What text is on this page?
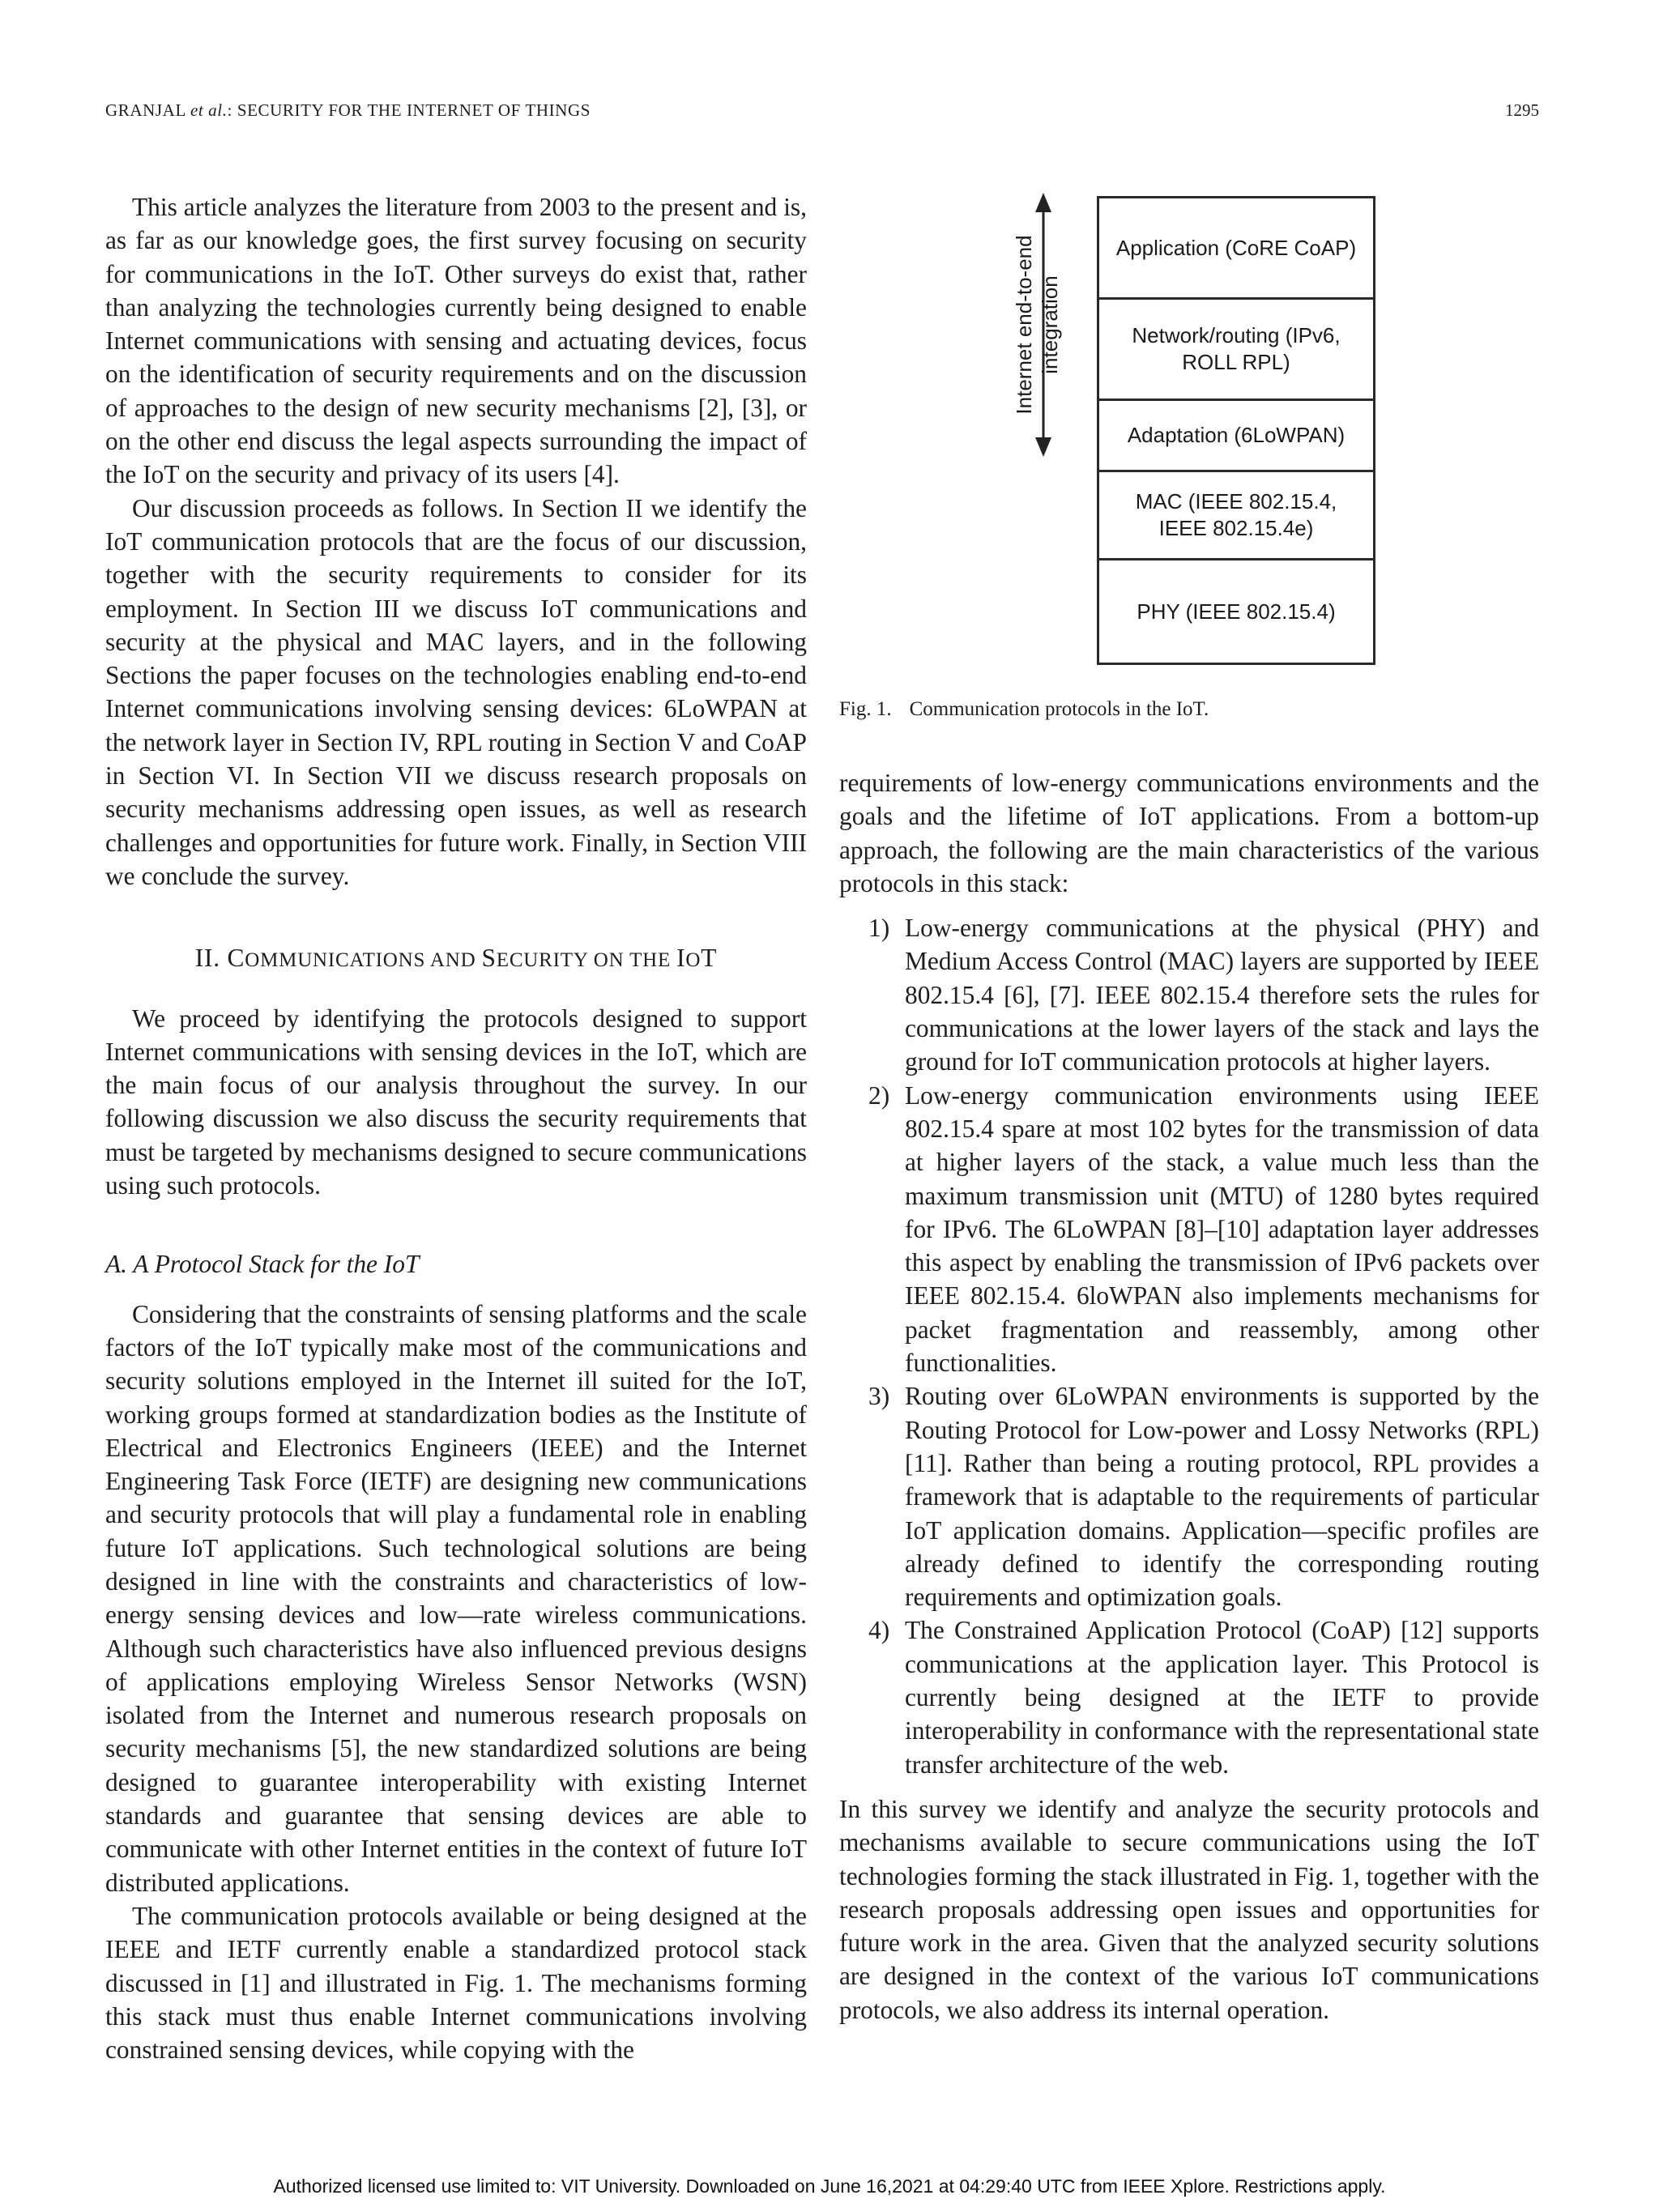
GRANJAL et al.: SECURITY FOR THE INTERNET OF THINGS	1295

This article analyzes the literature from 2003 to the present and is, as far as our knowledge goes, the first survey focusing on security for communications in the IoT. Other surveys do exist that, rather than analyzing the technologies currently being designed to enable Internet communications with sensing and actuating devices, focus on the identification of security requirements and on the discussion of approaches to the design of new security mechanisms [2], [3], or on the other end discuss the legal aspects surrounding the impact of the IoT on the security and privacy of its users [4].

Our discussion proceeds as follows. In Section II we identify the IoT communication protocols that are the focus of our discussion, together with the security requirements to consider for its employment. In Section III we discuss IoT communications and security at the physical and MAC layers, and in the following Sections the paper focuses on the technologies enabling end-to-end Internet communications involving sensing devices: 6LoWPAN at the network layer in Section IV, RPL routing in Section V and CoAP in Section VI. In Section VII we discuss research proposals on security mechanisms addressing open issues, as well as research challenges and opportunities for future work. Finally, in Section VIII we conclude the survey.

II. COMMUNICATIONS AND SECURITY ON THE IOT

We proceed by identifying the protocols designed to support Internet communications with sensing devices in the IoT, which are the main focus of our analysis throughout the survey. In our following discussion we also discuss the security requirements that must be targeted by mechanisms designed to secure communications using such protocols.

A. A Protocol Stack for the IoT

Considering that the constraints of sensing platforms and the scale factors of the IoT typically make most of the communications and security solutions employed in the Internet ill suited for the IoT, working groups formed at standardization bodies as the Institute of Electrical and Electronics Engineers (IEEE) and the Internet Engineering Task Force (IETF) are designing new communications and security protocols that will play a fundamental role in enabling future IoT applications. Such technological solutions are being designed in line with the constraints and characteristics of low-energy sensing devices and low—rate wireless communications. Although such characteristics have also influenced previous designs of applications employing Wireless Sensor Networks (WSN) isolated from the Internet and numerous research proposals on security mechanisms [5], the new standardized solutions are being designed to guarantee interoperability with existing Internet standards and guarantee that sensing devices are able to communicate with other Internet entities in the context of future IoT distributed applications.

The communication protocols available or being designed at the IEEE and IETF currently enable a standardized protocol stack discussed in [1] and illustrated in Fig. 1. The mechanisms forming this stack must thus enable Internet communications involving constrained sensing devices, while copying with the

Internet end-to-end
integration
Application (CoRE CoAP)
Network/routing (IPv6,
ROLL RPL)
Adaptation (6LoWPAN)
MAC (IEEE 802.15.4,
IEEE 802.15.4e)
PHY (IEEE 802.15.4)
Fig. 1. Communication protocols in the IoT.

requirements of low-energy communications environments and the goals and the lifetime of IoT applications. From a bottom-up approach, the following are the main characteristics of the various protocols in this stack:

1) Low-energy communications at the physical (PHY) and Medium Access Control (MAC) layers are supported by IEEE 802.15.4 [6], [7]. IEEE 802.15.4 therefore sets the rules for communications at the lower layers of the stack and lays the ground for IoT communication protocols at higher layers.
2) Low-energy communication environments using IEEE 802.15.4 spare at most 102 bytes for the transmission of data at higher layers of the stack, a value much less than the maximum transmission unit (MTU) of 1280 bytes required for IPv6. The 6LoWPAN [8]–[10] adaptation layer addresses this aspect by enabling the transmission of IPv6 packets over IEEE 802.15.4. 6loWPAN also implements mechanisms for packet fragmentation and reassembly, among other functionalities.
3) Routing over 6LoWPAN environments is supported by the Routing Protocol for Low-power and Lossy Networks (RPL) [11]. Rather than being a routing protocol, RPL provides a framework that is adaptable to the requirements of particular IoT application domains. Application—specific profiles are already defined to identify the corresponding routing requirements and optimization goals.
4) The Constrained Application Protocol (CoAP) [12] supports communications at the application layer. This Protocol is currently being designed at the IETF to provide interoperability in conformance with the representational state transfer architecture of the web.

In this survey we identify and analyze the security protocols and mechanisms available to secure communications using the IoT technologies forming the stack illustrated in Fig. 1, together with the research proposals addressing open issues and opportunities for future work in the area. Given that the analyzed security solutions are designed in the context of the various IoT communications protocols, we also address its internal operation.

Authorized licensed use limited to: VIT University. Downloaded on June 16,2021 at 04:29:40 UTC from IEEE Xplore. Restrictions apply.
